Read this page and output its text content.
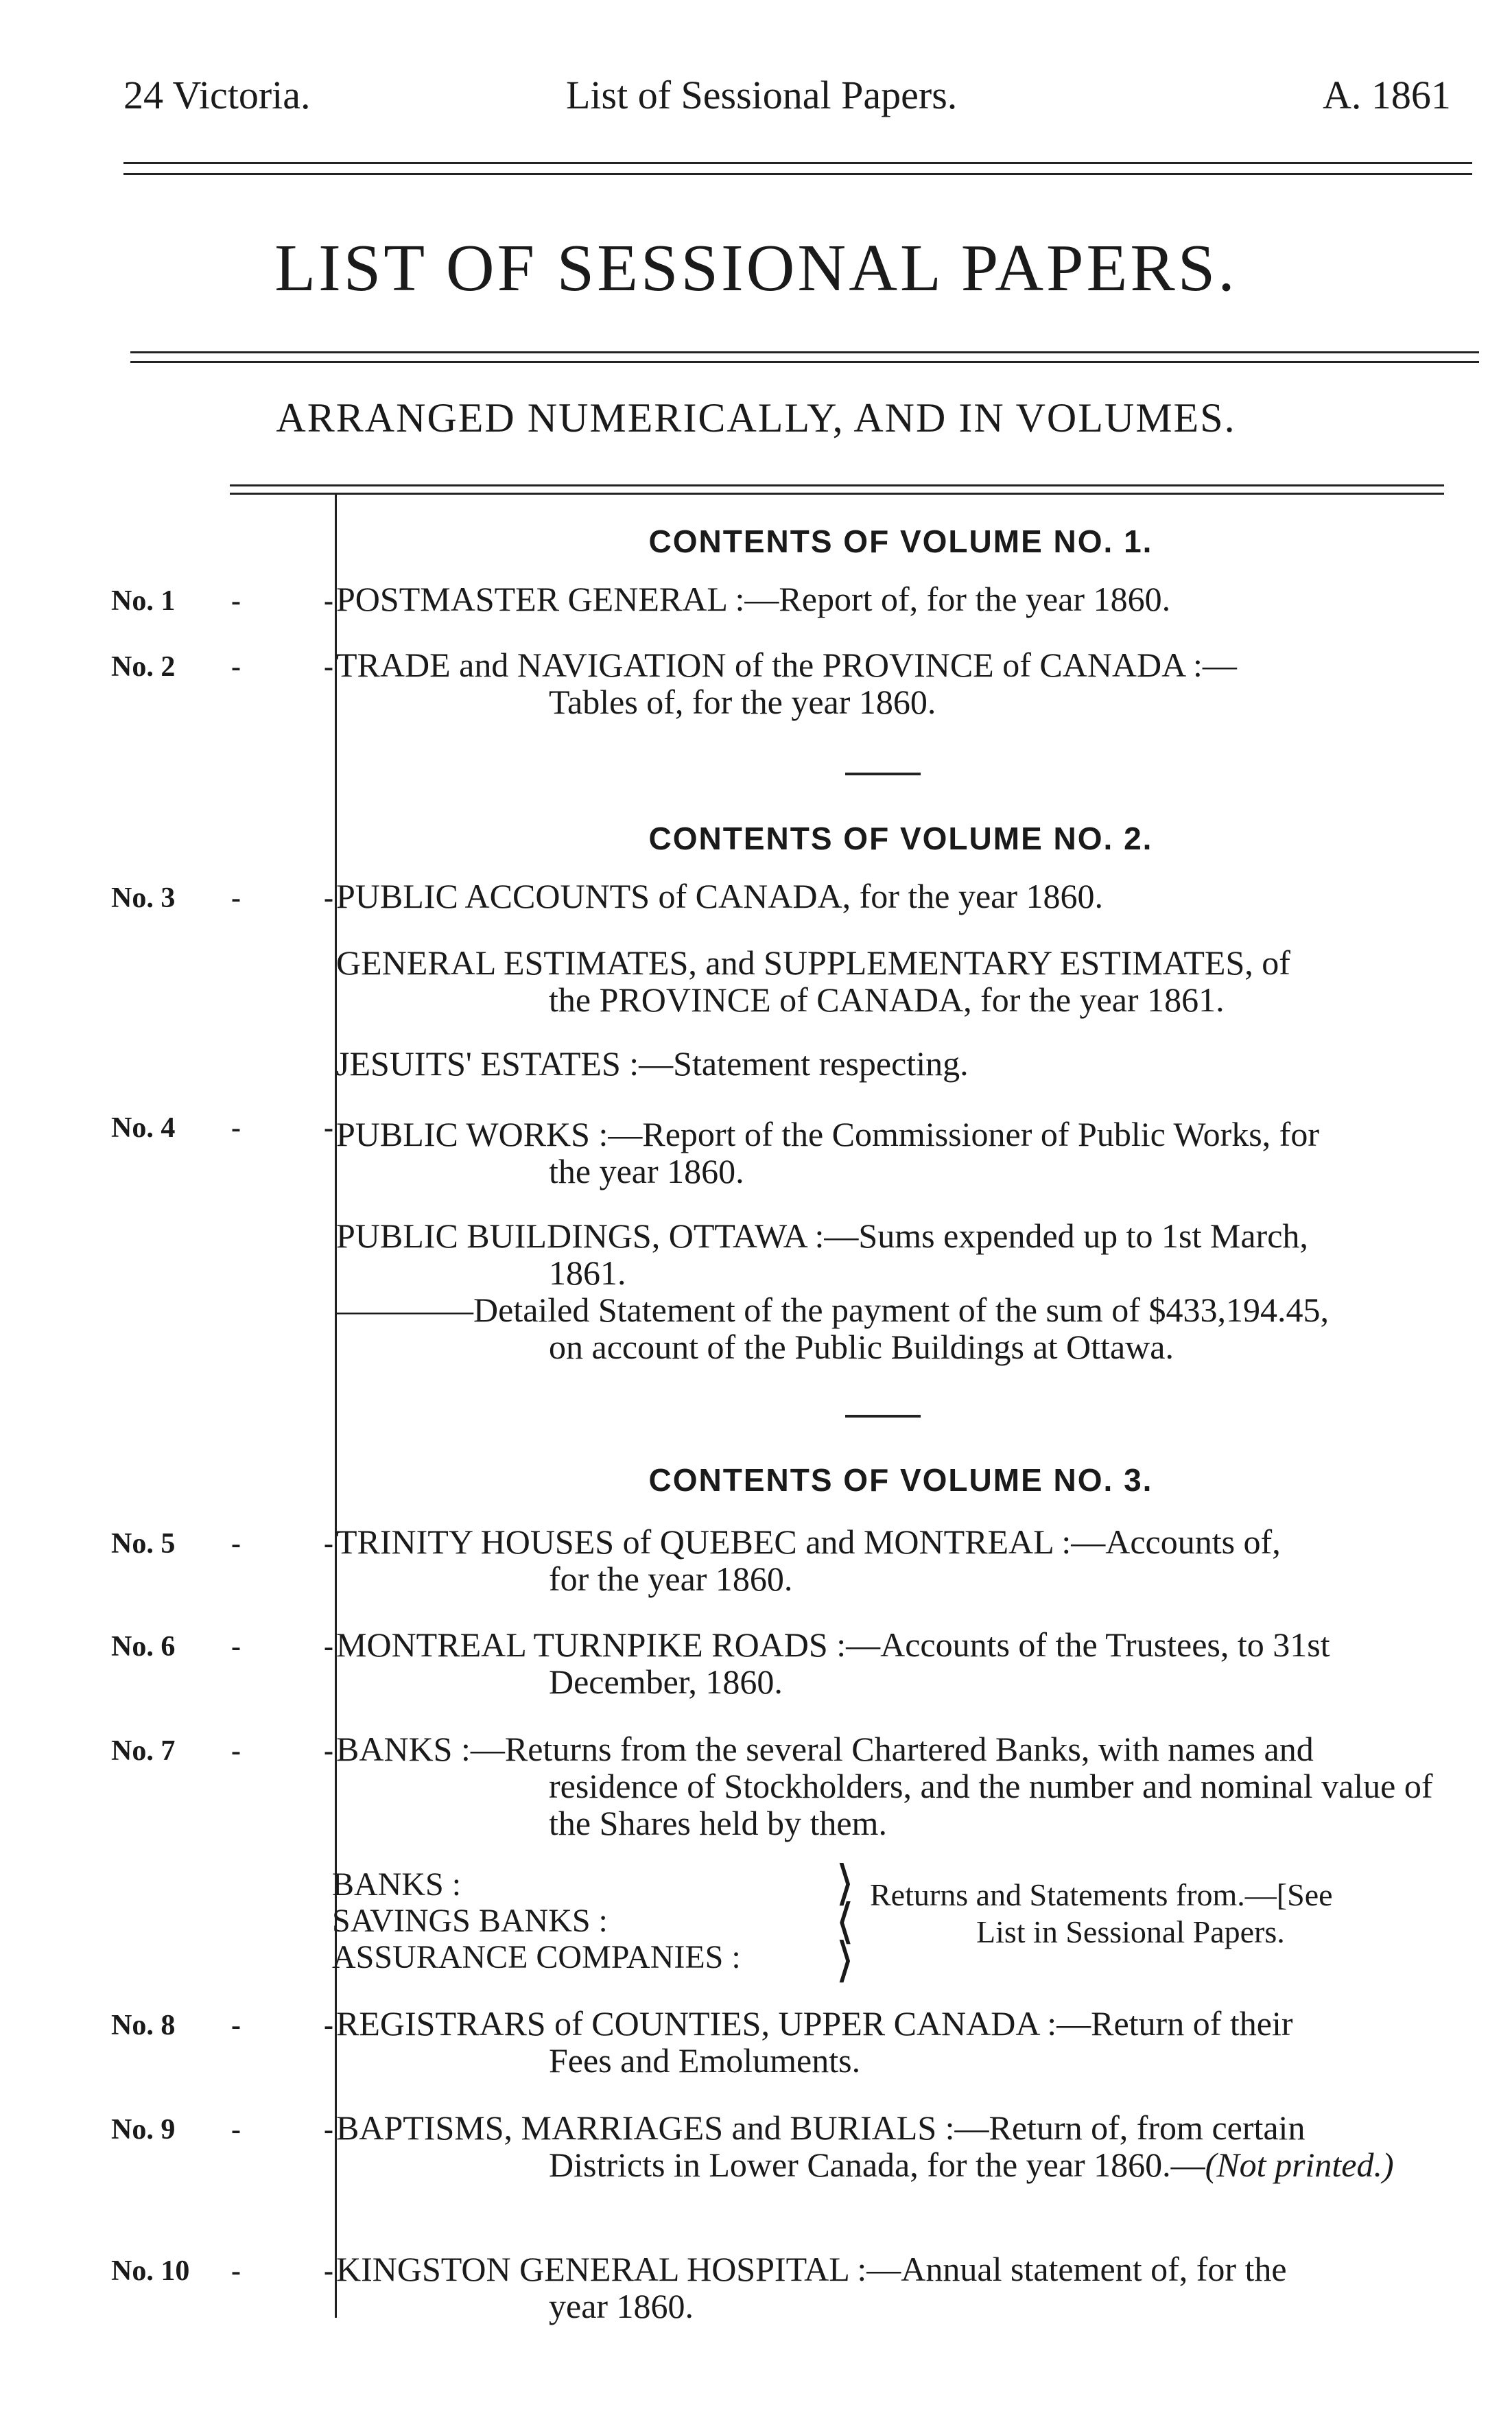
24 Victoria.	List of Sessional Papers.	A. 1861
LIST OF SESSIONAL PAPERS.
ARRANGED NUMERICALLY, AND IN VOLUMES.
CONTENTS OF VOLUME NO. 1.
No. 1 -	- POSTMASTER GENERAL :—Report of, for the year 1860.
No. 2 -	- TRADE and NAVIGATION of the PROVINCE of CANADA :—
Tables of, for the year 1860.
CONTENTS OF VOLUME NO. 2.
No. 3 -	- PUBLIC ACCOUNTS of CANADA, for the year 1860.
GENERAL ESTIMATES, and SUPPLEMENTARY ESTIMATES, of
the PROVINCE of CANADA, for the year 1861.
JESUITS' ESTATES :—Statement respecting.
No. 4 -	- PUBLIC WORKS :—Report of the Commissioner of Public Works, for
the year 1860.
PUBLIC BUILDINGS, OTTAWA :—Sums expended up to 1st March,
1861.
————Detailed Statement of the payment of the sum of $433,194.45,
on account of the Public Buildings at Ottawa.
CONTENTS OF VOLUME NO. 3.
No. 5 -	- TRINITY HOUSES of QUEBEC and MONTREAL :—Accounts of,
for the year 1860.
No. 6 -	- MONTREAL TURNPIKE ROADS :—Accounts of the Trustees, to 31st
December, 1860.
No. 7 -	- BANKS :—Returns from the several Chartered Banks, with names and
residence of Stockholders, and the number and nominal value of the Shares held by them.
BANKS :
SAVINGS BANKS :
ASSURANCE COMPANIES :
⟩
⟨
⟩
Returns and Statements from.—[See
List in Sessional Papers.
No. 8 -	- REGISTRARS of COUNTIES, UPPER CANADA :—Return of their
Fees and Emoluments.
No. 9 -	- BAPTISMS, MARRIAGES and BURIALS :—Return of, from certain
Districts in Lower Canada, for the year 1860.—(Not printed.)
No. 10 -	- KINGSTON GENERAL HOSPITAL :—Annual statement of, for the
year 1860.
